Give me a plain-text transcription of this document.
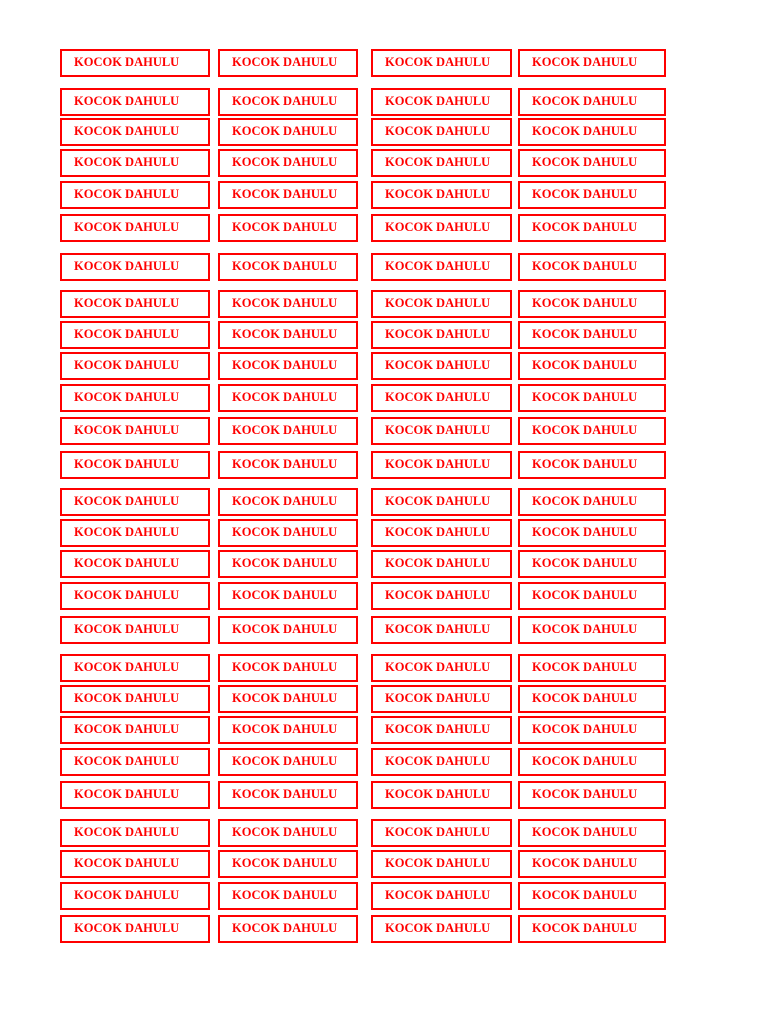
KOCOK DAHULU	KOCOK DAHULU	KOCOK DAHULU	KOCOK DAHULU
KOCOK DAHULU	KOCOK DAHULU	KOCOK DAHULU	KOCOK DAHULU
KOCOK DAHULU	KOCOK DAHULU	KOCOK DAHULU	KOCOK DAHULU
KOCOK DAHULU	KOCOK DAHULU	KOCOK DAHULU	KOCOK DAHULU
KOCOK DAHULU	KOCOK DAHULU	KOCOK DAHULU	KOCOK DAHULU
KOCOK DAHULU	KOCOK DAHULU	KOCOK DAHULU	KOCOK DAHULU
KOCOK DAHULU	KOCOK DAHULU	KOCOK DAHULU	KOCOK DAHULU
KOCOK DAHULU	KOCOK DAHULU	KOCOK DAHULU	KOCOK DAHULU
KOCOK DAHULU	KOCOK DAHULU	KOCOK DAHULU	KOCOK DAHULU
KOCOK DAHULU	KOCOK DAHULU	KOCOK DAHULU	KOCOK DAHULU
KOCOK DAHULU	KOCOK DAHULU	KOCOK DAHULU	KOCOK DAHULU
KOCOK DAHULU	KOCOK DAHULU	KOCOK DAHULU	KOCOK DAHULU
KOCOK DAHULU	KOCOK DAHULU	KOCOK DAHULU	KOCOK DAHULU
KOCOK DAHULU	KOCOK DAHULU	KOCOK DAHULU	KOCOK DAHULU
KOCOK DAHULU	KOCOK DAHULU	KOCOK DAHULU	KOCOK DAHULU
KOCOK DAHULU	KOCOK DAHULU	KOCOK DAHULU	KOCOK DAHULU
KOCOK DAHULU	KOCOK DAHULU	KOCOK DAHULU	KOCOK DAHULU
KOCOK DAHULU	KOCOK DAHULU	KOCOK DAHULU	KOCOK DAHULU
KOCOK DAHULU	KOCOK DAHULU	KOCOK DAHULU	KOCOK DAHULU
KOCOK DAHULU	KOCOK DAHULU	KOCOK DAHULU	KOCOK DAHULU
KOCOK DAHULU	KOCOK DAHULU	KOCOK DAHULU	KOCOK DAHULU
KOCOK DAHULU	KOCOK DAHULU	KOCOK DAHULU	KOCOK DAHULU
KOCOK DAHULU	KOCOK DAHULU	KOCOK DAHULU	KOCOK DAHULU
KOCOK DAHULU	KOCOK DAHULU	KOCOK DAHULU	KOCOK DAHULU
KOCOK DAHULU	KOCOK DAHULU	KOCOK DAHULU	KOCOK DAHULU
KOCOK DAHULU	KOCOK DAHULU	KOCOK DAHULU	KOCOK DAHULU
KOCOK DAHULU	KOCOK DAHULU	KOCOK DAHULU	KOCOK DAHULU
